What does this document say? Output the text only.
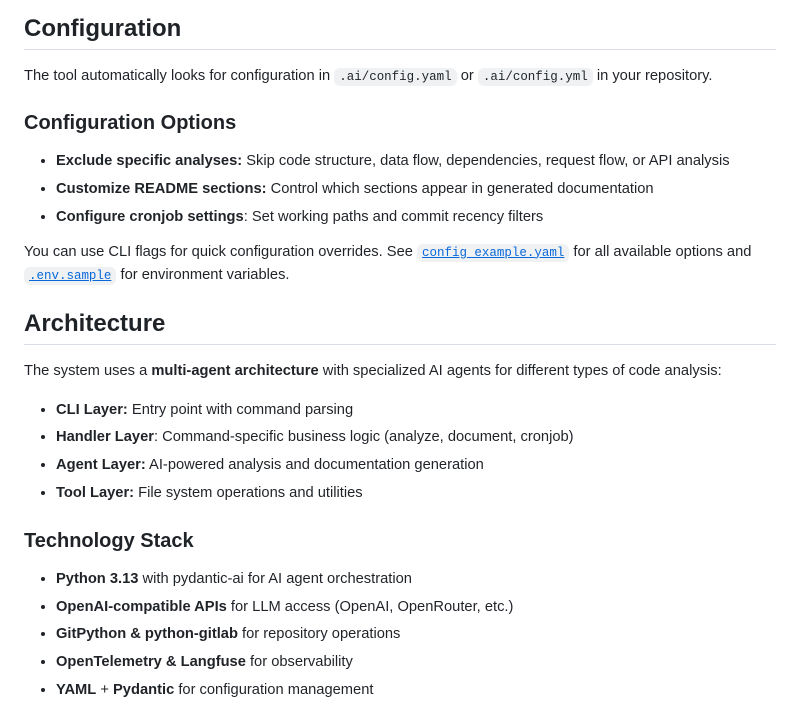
Configuration

The tool automatically looks for configuration in .ai/config.yaml or .ai/config.yml in your repository.

Configuration Options
• Exclude specific analyses: Skip code structure, data flow, dependencies, request flow, or API analysis
• Customize README sections: Control which sections appear in generated documentation
• Configure cronjob settings: Set working paths and commit recency filters

You can use CLI flags for quick configuration overrides. See config_example.yaml for all available options and .env.sample for environment variables.

Architecture

The system uses a multi-agent architecture with specialized AI agents for different types of code analysis:

• CLI Layer: Entry point with command parsing
• Handler Layer: Command-specific business logic (analyze, document, cronjob)
• Agent Layer: AI-powered analysis and documentation generation
• Tool Layer: File system operations and utilities
Technology Stack
• Python 3.13 with pydantic-ai for AI agent orchestration
• OpenAI-compatible APIs for LLM access (OpenAI, OpenRouter, etc.)
• GitPython & python-gitlab for repository operations
• OpenTelemetry & Langfuse for observability
• YAML + Pydantic for configuration management
